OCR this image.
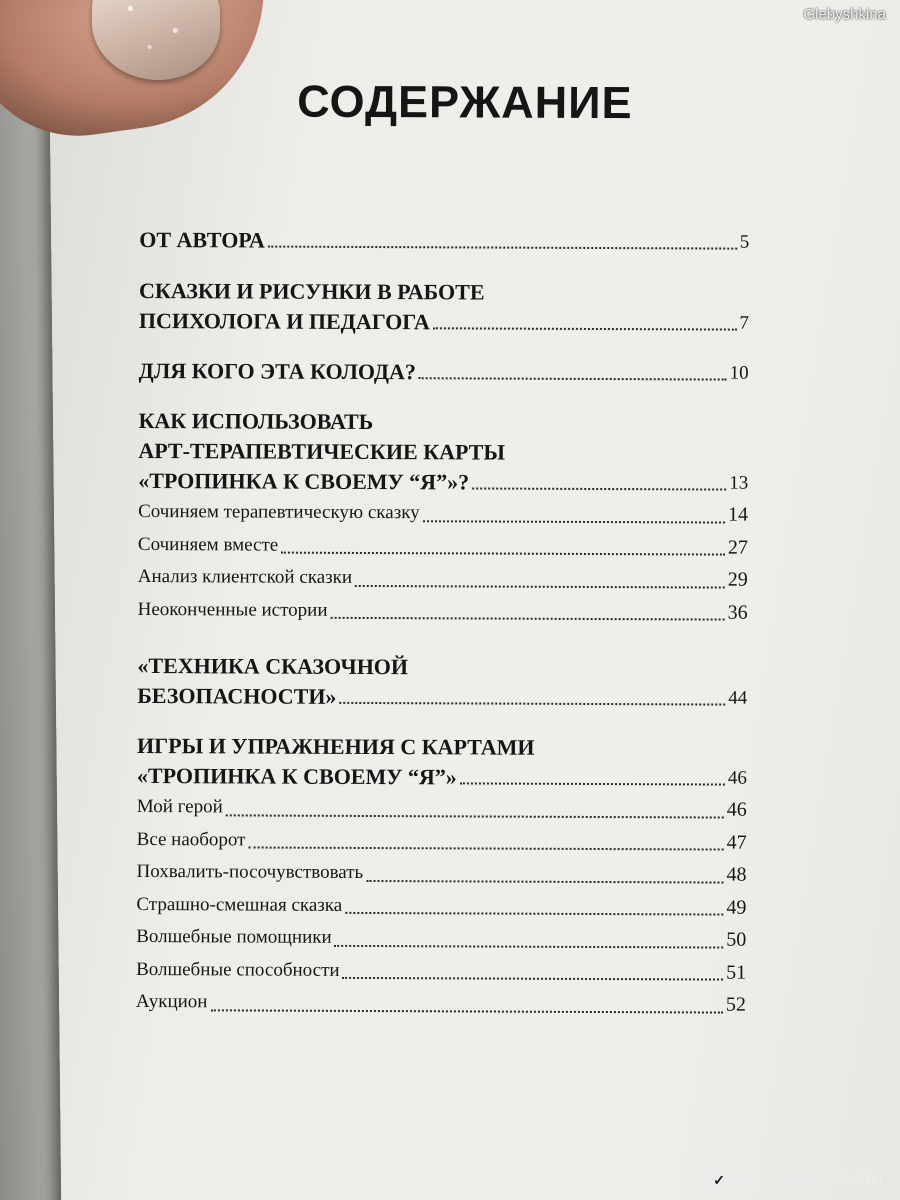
СОДЕРЖАНИЕ
ОТ АВТОРА	5
СКАЗКИ И РИСУНКИ В РАБОТЕ
ПСИХОЛОГА И ПЕДАГОГА	7
ДЛЯ КОГО ЭТА КОЛОДА?	10
КАК ИСПОЛЬЗОВАТЬ
АРТ-ТЕРАПЕВТИЧЕСКИЕ КАРТЫ
«ТРОПИНКА К СВОЕМУ “Я”»?	13
Сочиняем терапевтическую сказку	14
Сочиняем вместе	27
Анализ клиентской сказки	29
Неоконченные истории	36
«ТЕХНИКА СКАЗОЧНОЙ
БЕЗОПАСНОСТИ»	44
ИГРЫ И УПРАЖНЕНИЯ С КАРТАМИ
«ТРОПИНКА К СВОЕМУ “Я”»	46
Мой герой	46
Все наоборот	47
Похвалить-посочувствовать	48
Страшно-смешная сказка	49
Волшебные помощники	50
Волшебные способности	51
Аукцион	52
Glebyshkina
✓ RECOMMEND.RU
